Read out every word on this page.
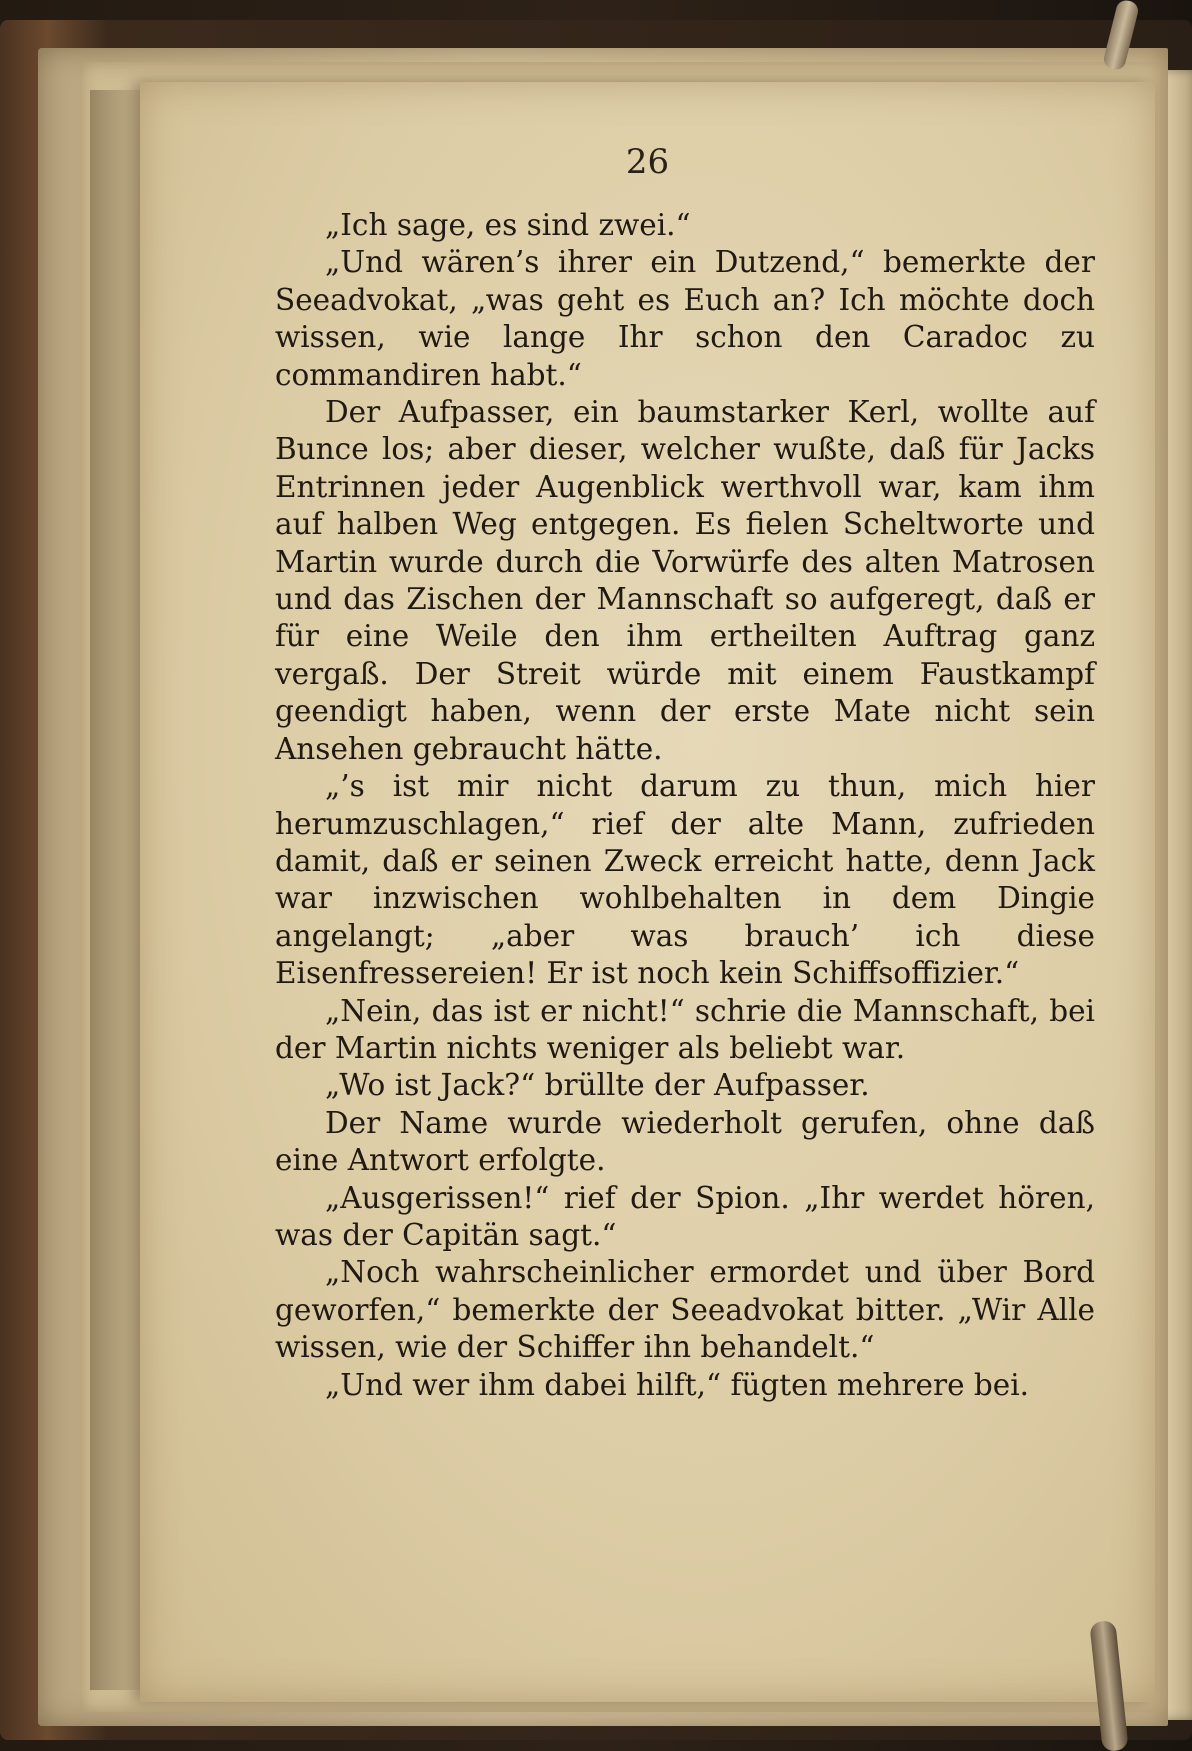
26

„Ich sage, es sind zwei.“

„Und wären’s ihrer ein Dutzend,“ bemerkte der Seeadvokat, „was geht es Euch an? Ich möchte doch wissen, wie lange Ihr schon den Caradoc zu commandiren habt.“

Der Aufpasser, ein baumstarker Kerl, wollte auf Bunce los; aber dieser, welcher wußte, daß für Jacks Entrinnen jeder Augenblick werthvoll war, kam ihm auf halben Weg entgegen. Es fielen Scheltworte und Martin wurde durch die Vorwürfe des alten Matrosen und das Zischen der Mannschaft so aufgeregt, daß er für eine Weile den ihm ertheilten Auftrag ganz vergaß. Der Streit würde mit einem Faustkampf geendigt haben, wenn der erste Mate nicht sein Ansehen gebraucht hätte.

„’s ist mir nicht darum zu thun, mich hier herumzuschlagen,“ rief der alte Mann, zufrieden damit, daß er seinen Zweck erreicht hatte, denn Jack war inzwischen wohlbehalten in dem Dingie angelangt; „aber was brauch’ ich diese Eisenfressereien! Er ist noch kein Schiffsoffizier.“

„Nein, das ist er nicht!“ schrie die Mannschaft, bei der Martin nichts weniger als beliebt war.

„Wo ist Jack?“ brüllte der Aufpasser.

Der Name wurde wiederholt gerufen, ohne daß eine Antwort erfolgte.

„Ausgerissen!“ rief der Spion. „Ihr werdet hören, was der Capitän sagt.“

„Noch wahrscheinlicher ermordet und über Bord geworfen,“ bemerkte der Seeadvokat bitter. „Wir Alle wissen, wie der Schiffer ihn behandelt.“

„Und wer ihm dabei hilft,“ fügten mehrere bei.
